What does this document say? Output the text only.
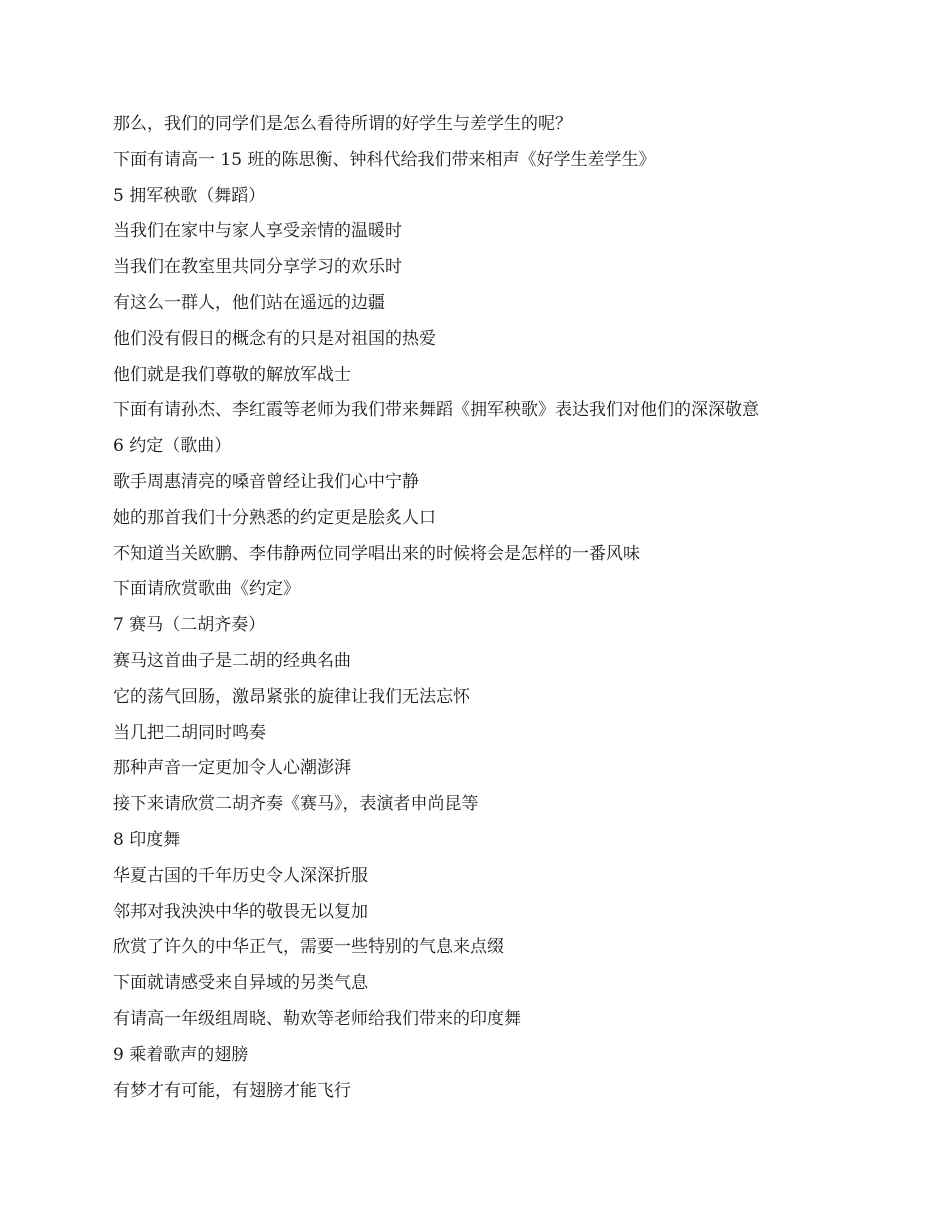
那么，我们的同学们是怎么看待所谓的好学生与差学生的呢？

下面有请高一 15 班的陈思衡、钟科代给我们带来相声《好学生差学生》

5 拥军秧歌（舞蹈）

当我们在家中与家人享受亲情的温暖时

当我们在教室里共同分享学习的欢乐时

有这么一群人，他们站在遥远的边疆

他们没有假日的概念有的只是对祖国的热爱

他们就是我们尊敬的解放军战士

下面有请孙杰、李红霞等老师为我们带来舞蹈《拥军秧歌》表达我们对他们的深深敬意

6 约定（歌曲）

歌手周惠清亮的嗓音曾经让我们心中宁静

她的那首我们十分熟悉的约定更是脍炙人口

不知道当关欧鹏、李伟静两位同学唱出来的时候将会是怎样的一番风味

下面请欣赏歌曲《约定》

7 赛马（二胡齐奏）

赛马这首曲子是二胡的经典名曲

它的荡气回肠，激昂紧张的旋律让我们无法忘怀

当几把二胡同时鸣奏

那种声音一定更加令人心潮澎湃

接下来请欣赏二胡齐奏《赛马》，表演者申尚昆等

8 印度舞

华夏古国的千年历史令人深深折服

邻邦对我泱泱中华的敬畏无以复加

欣赏了许久的中华正气，需要一些特别的气息来点缀

下面就请感受来自异域的另类气息

有请高一年级组周晓、勒欢等老师给我们带来的印度舞

9 乘着歌声的翅膀

有梦才有可能，有翅膀才能飞行
